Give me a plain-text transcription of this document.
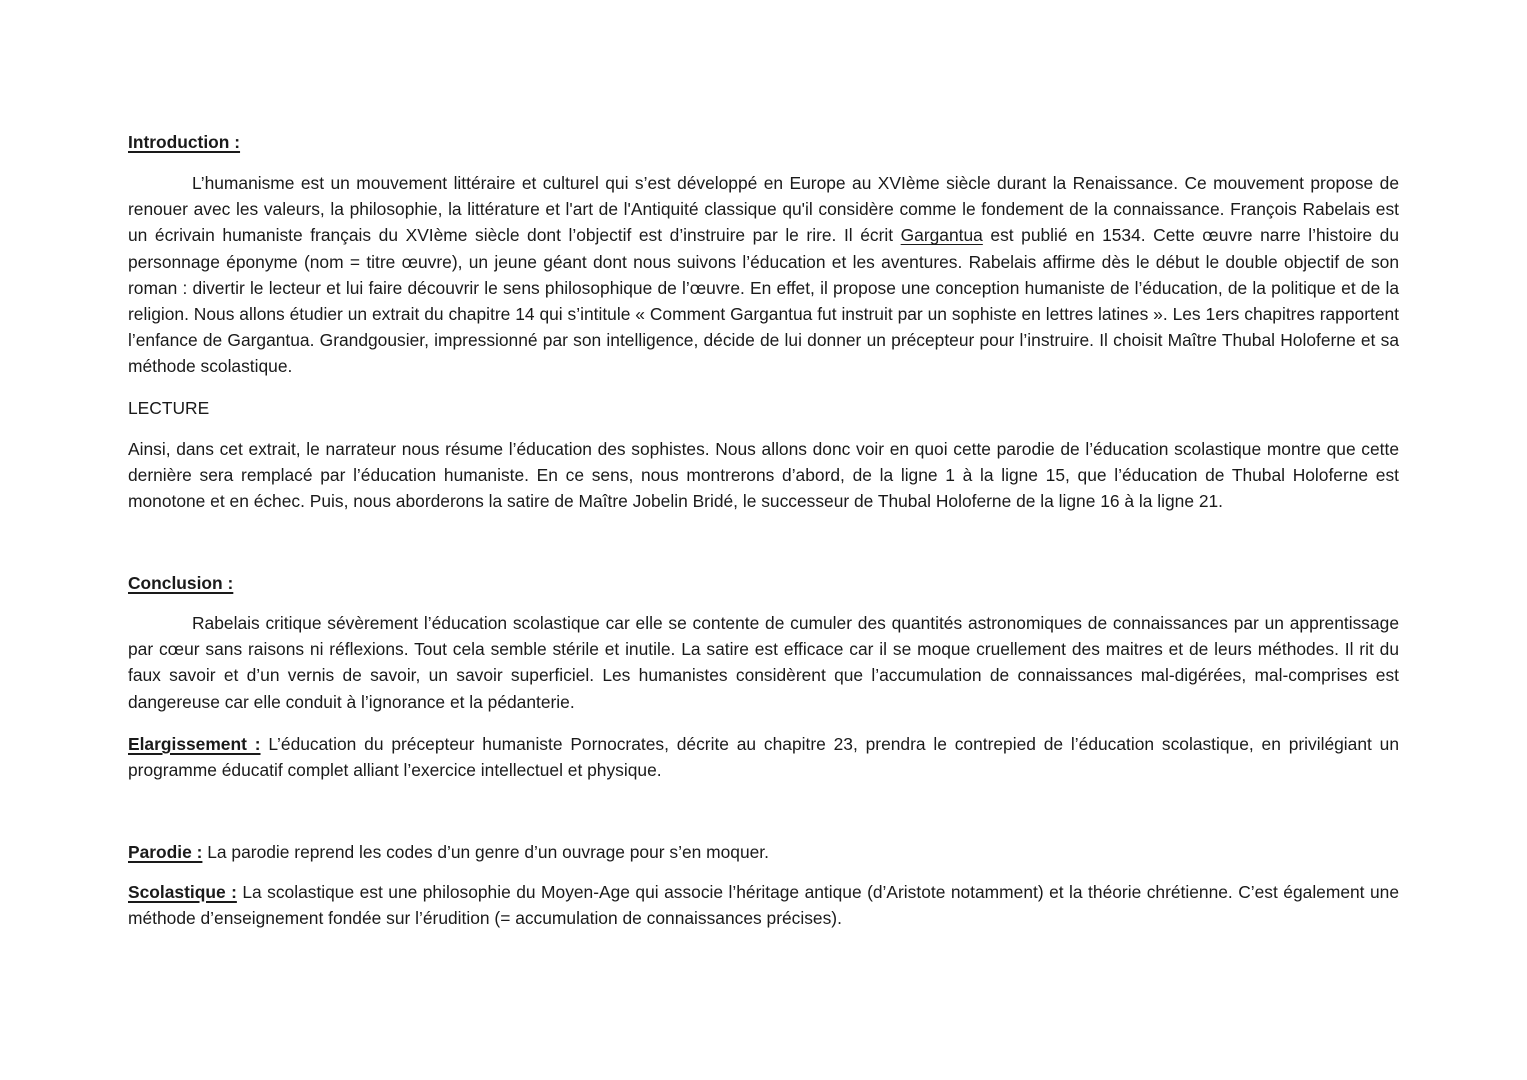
Introduction :

L’humanisme est un mouvement littéraire et culturel qui s’est développé en Europe au XVIème siècle durant la Renaissance. Ce mouvement propose de renouer avec les valeurs, la philosophie, la littérature et l'art de l'Antiquité classique qu'il considère comme le fondement de la connaissance. François Rabelais est un écrivain humaniste français du XVIème siècle dont l’objectif est d’instruire par le rire. Il écrit Gargantua est publié en 1534. Cette œuvre narre l’histoire du personnage éponyme (nom = titre œuvre), un jeune géant dont nous suivons l’éducation et les aventures. Rabelais affirme dès le début le double objectif de son roman : divertir le lecteur et lui faire découvrir le sens philosophique de l’œuvre. En effet, il propose une conception humaniste de l’éducation, de la politique et de la religion. Nous allons étudier un extrait du chapitre 14 qui s’intitule « Comment Gargantua fut instruit par un sophiste en lettres latines ». Les 1ers chapitres rapportent l’enfance de Gargantua. Grandgousier, impressionné par son intelligence, décide de lui donner un précepteur pour l’instruire. Il choisit Maître Thubal Holoferne et sa méthode scolastique.

LECTURE

Ainsi, dans cet extrait, le narrateur nous résume l’éducation des sophistes. Nous allons donc voir en quoi cette parodie de l’éducation scolastique montre que cette dernière sera remplacé par l’éducation humaniste. En ce sens, nous montrerons d’abord, de la ligne 1 à la ligne 15, que l’éducation de Thubal Holoferne est monotone et en échec. Puis, nous aborderons la satire de Maître Jobelin Bridé, le successeur de Thubal Holoferne de la ligne 16 à la ligne 21.

Conclusion :

Rabelais critique sévèrement l’éducation scolastique car elle se contente de cumuler des quantités astronomiques de connaissances par un apprentissage par cœur sans raisons ni réflexions. Tout cela semble stérile et inutile. La satire est efficace car il se moque cruellement des maitres et de leurs méthodes. Il rit du faux savoir et d’un vernis de savoir, un savoir superficiel. Les humanistes considèrent que l’accumulation de connaissances mal-digérées, mal-comprises est dangereuse car elle conduit à l’ignorance et la pédanterie.

Elargissement : L’éducation du précepteur humaniste Pornocrates, décrite au chapitre 23, prendra le contrepied de l’éducation scolastique, en privilégiant un programme éducatif complet alliant l’exercice intellectuel et physique.

Parodie : La parodie reprend les codes d’un genre d’un ouvrage pour s’en moquer.

Scolastique : La scolastique est une philosophie du Moyen-Age qui associe l’héritage antique (d’Aristote notamment) et la théorie chrétienne. C’est également une méthode d’enseignement fondée sur l’érudition (= accumulation de connaissances précises).
